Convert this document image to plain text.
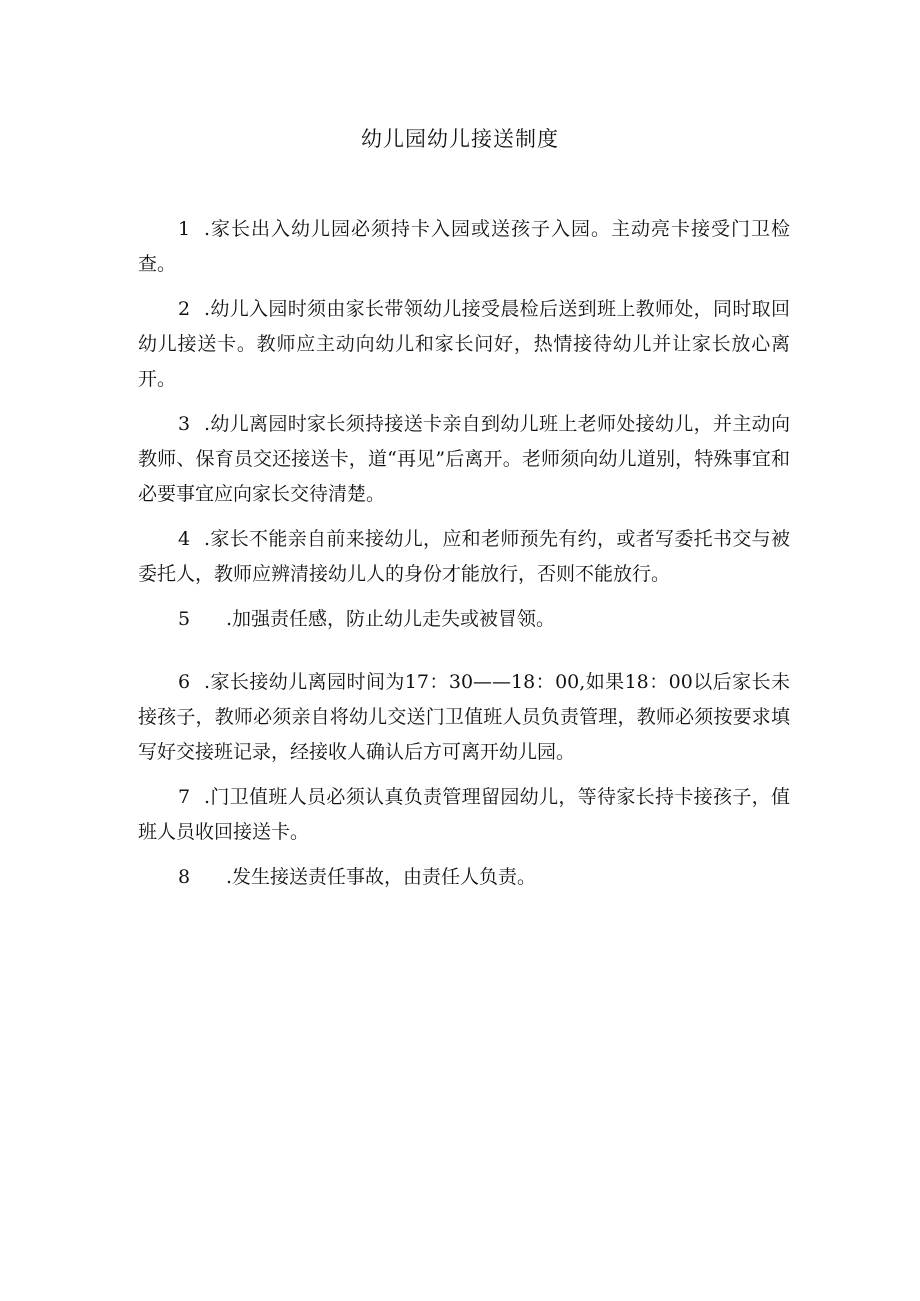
幼儿园幼儿接送制度

1 .家长出入幼儿园必须持卡入园或送孩子入园。主动亮卡接受门卫检查。

2 .幼儿入园时须由家长带领幼儿接受晨检后送到班上教师处，同时取回幼儿接送卡。教师应主动向幼儿和家长问好，热情接待幼儿并让家长放心离开。

3 .幼儿离园时家长须持接送卡亲自到幼儿班上老师处接幼儿，并主动向教师、保育员交还接送卡，道“再见”后离开。老师须向幼儿道别，特殊事宜和必要事宜应向家长交待清楚。

4 .家长不能亲自前来接幼儿，应和老师预先有约，或者写委托书交与被委托人，教师应辨清接幼儿人的身份才能放行，否则不能放行。

5 .加强责任感，防止幼儿走失或被冒领。

6 .家长接幼儿离园时间为17：30——18：00,如果18：00以后家长未接孩子，教师必须亲自将幼儿交送门卫值班人员负责管理，教师必须按要求填写好交接班记录，经接收人确认后方可离开幼儿园。

7 .门卫值班人员必须认真负责管理留园幼儿，等待家长持卡接孩子，值班人员收回接送卡。

8 .发生接送责任事故，由责任人负责。
